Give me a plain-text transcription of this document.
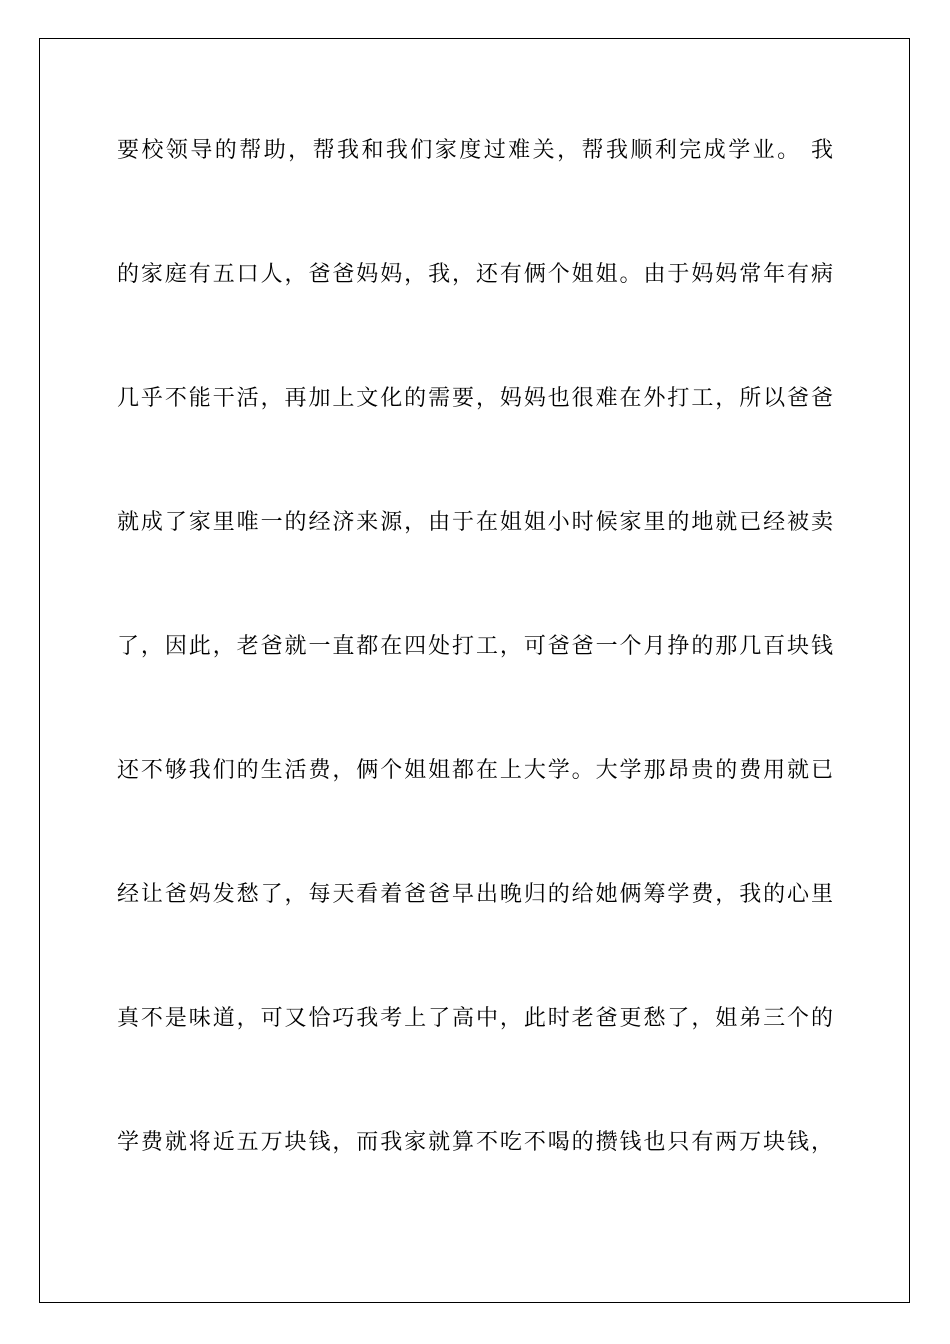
要校领导的帮助，帮我和我们家度过难关，帮我顺利完成学业。 我
的家庭有五口人，爸爸妈妈，我，还有俩个姐姐。由于妈妈常年有病
几乎不能干活，再加上文化的需要，妈妈也很难在外打工，所以爸爸
就成了家里唯一的经济来源，由于在姐姐小时候家里的地就已经被卖
了，因此，老爸就一直都在四处打工，可爸爸一个月挣的那几百块钱
还不够我们的生活费，俩个姐姐都在上大学。大学那昂贵的费用就已
经让爸妈发愁了，每天看着爸爸早出晚归的给她俩筹学费，我的心里
真不是味道，可又恰巧我考上了高中，此时老爸更愁了，姐弟三个的
学费就将近五万块钱，而我家就算不吃不喝的攒钱也只有两万块钱，
